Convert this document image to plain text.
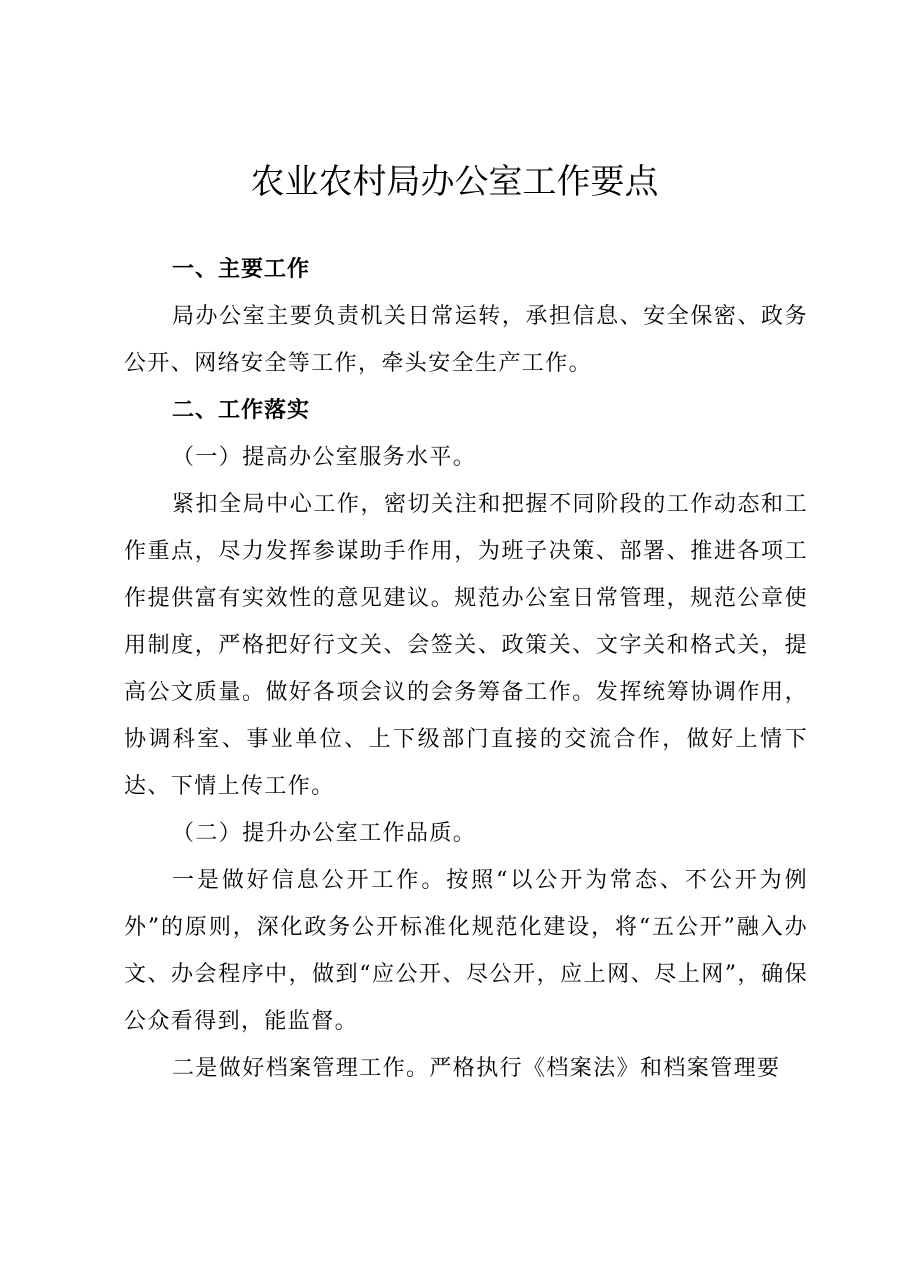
农业农村局办公室工作要点

一、主要工作

局办公室主要负责机关日常运转，承担信息、安全保密、政务公开、网络安全等工作，牵头安全生产工作。

二、工作落实

（一）提高办公室服务水平。

紧扣全局中心工作，密切关注和把握不同阶段的工作动态和工作重点，尽力发挥参谋助手作用，为班子决策、部署、推进各项工作提供富有实效性的意见建议。规范办公室日常管理，规范公章使用制度，严格把好行文关、会签关、政策关、文字关和格式关，提高公文质量。做好各项会议的会务筹备工作。发挥统筹协调作用，协调科室、事业单位、上下级部门直接的交流合作，做好上情下达、下情上传工作。

（二）提升办公室工作品质。

一是做好信息公开工作。按照“以公开为常态、不公开为例外”的原则，深化政务公开标准化规范化建设，将“五公开”融入办文、办会程序中，做到“应公开、尽公开，应上网、尽上网”，确保公众看得到，能监督。

二是做好档案管理工作。严格执行《档案法》和档案管理要
